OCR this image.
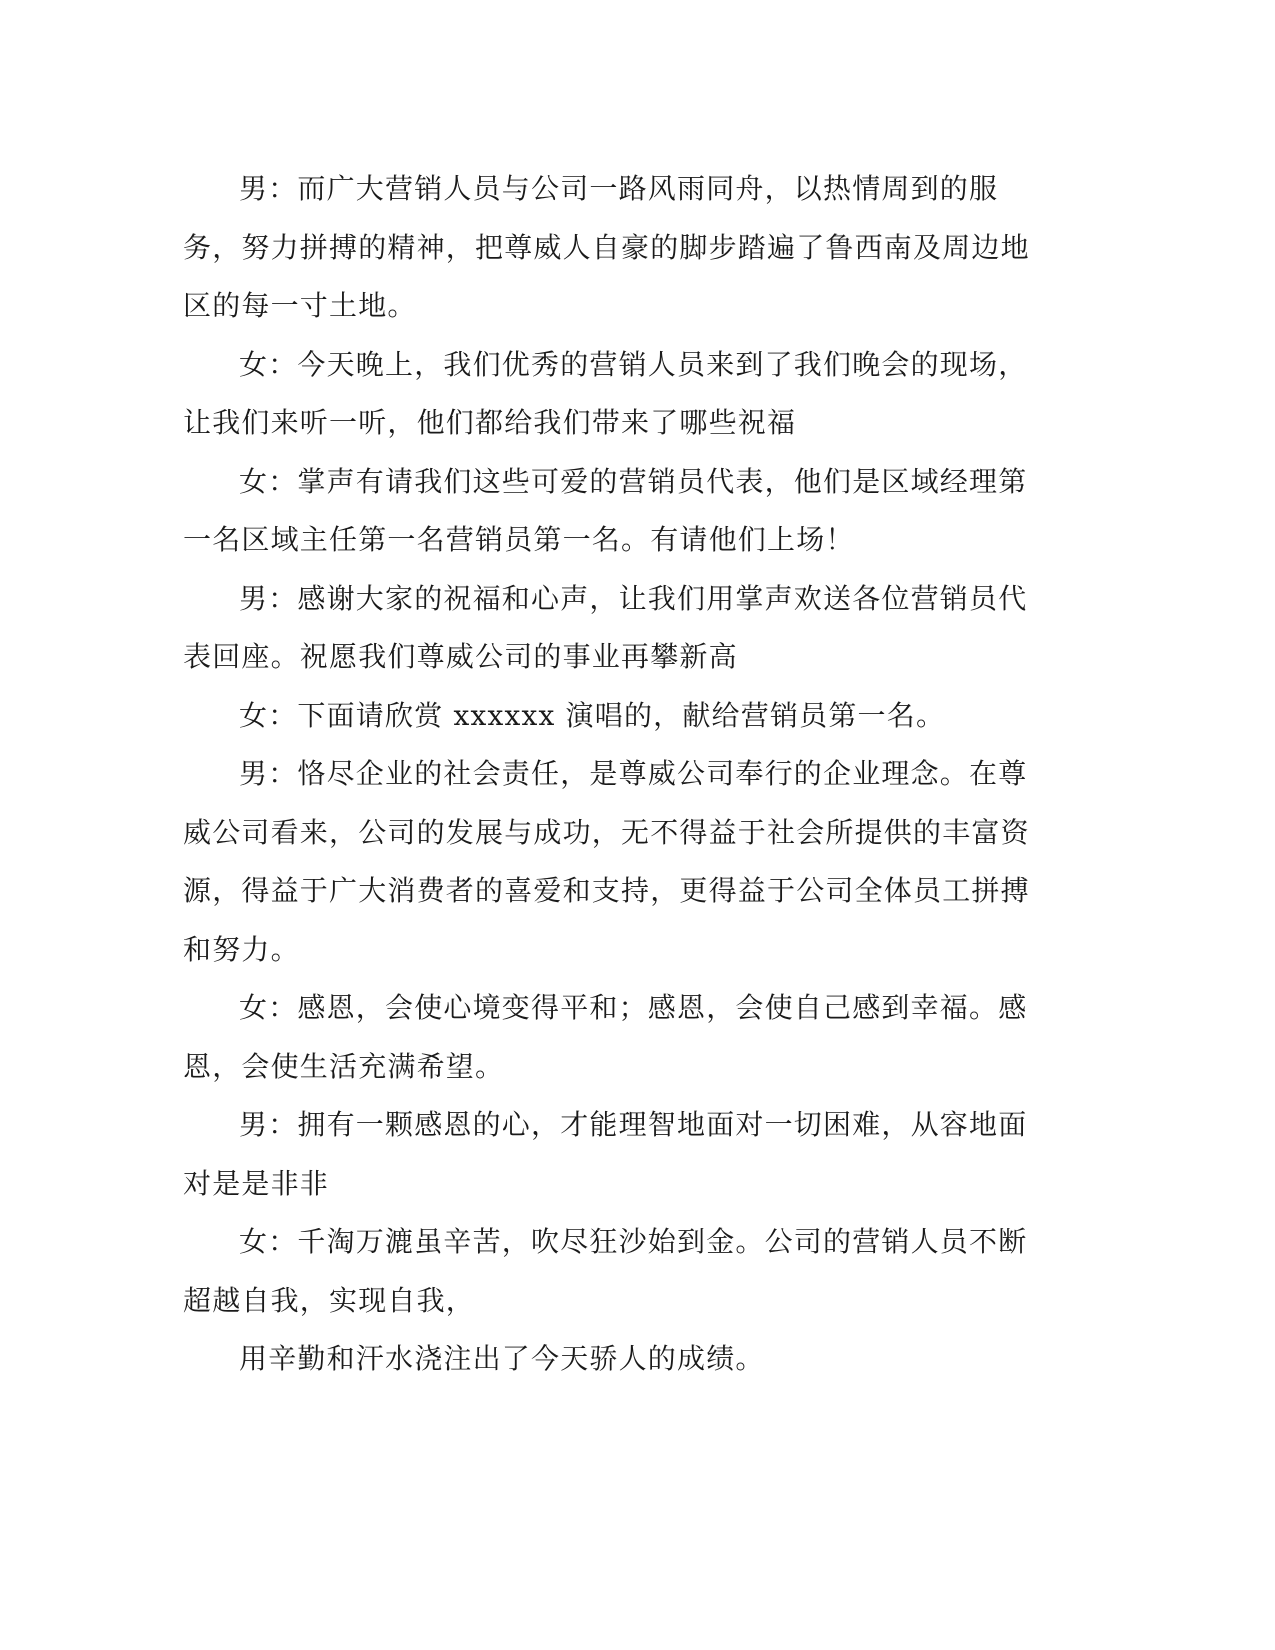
男：而广大营销人员与公司一路风雨同舟，以热情周到的服务，努力拼搏的精神，把尊威人自豪的脚步踏遍了鲁西南及周边地区的每一寸土地。

女：今天晚上，我们优秀的营销人员来到了我们晚会的现场，让我们来听一听，他们都给我们带来了哪些祝福

女：掌声有请我们这些可爱的营销员代表，他们是区域经理第一名区域主任第一名营销员第一名。有请他们上场！

男：感谢大家的祝福和心声，让我们用掌声欢送各位营销员代表回座。祝愿我们尊威公司的事业再攀新高

女：下面请欣赏 xxxxxx 演唱的，献给营销员第一名。

男：恪尽企业的社会责任，是尊威公司奉行的企业理念。在尊威公司看来，公司的发展与成功，无不得益于社会所提供的丰富资源，得益于广大消费者的喜爱和支持，更得益于公司全体员工拼搏和努力。

女：感恩，会使心境变得平和；感恩，会使自己感到幸福。感恩，会使生活充满希望。

男：拥有一颗感恩的心，才能理智地面对一切困难，从容地面对是是非非

女：千淘万漉虽辛苦，吹尽狂沙始到金。公司的营销人员不断超越自我，实现自我，

用辛勤和汗水浇注出了今天骄人的成绩。
